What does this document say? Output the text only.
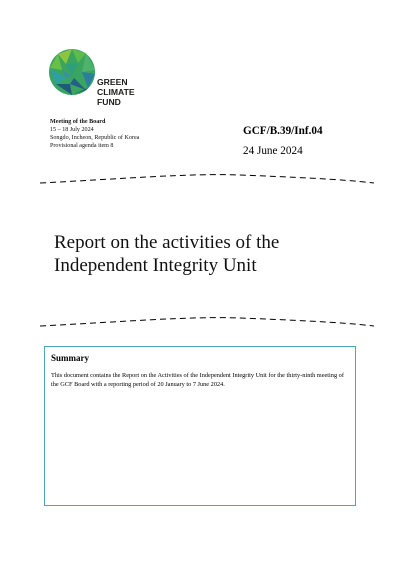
GREEN
CLIMATE
FUND
Meeting of the Board
15 – 18 July 2024
Songdo, Incheon, Republic of Korea
Provisional agenda item 8
GCF/B.39/Inf.04
24 June 2024
Report on the activities of the
Independent Integrity Unit
Summary
This document contains the Report on the Activities of the Independent Integrity Unit for the thirty-ninth meeting of the GCF Board with a reporting period of 20 January to 7 June 2024.
